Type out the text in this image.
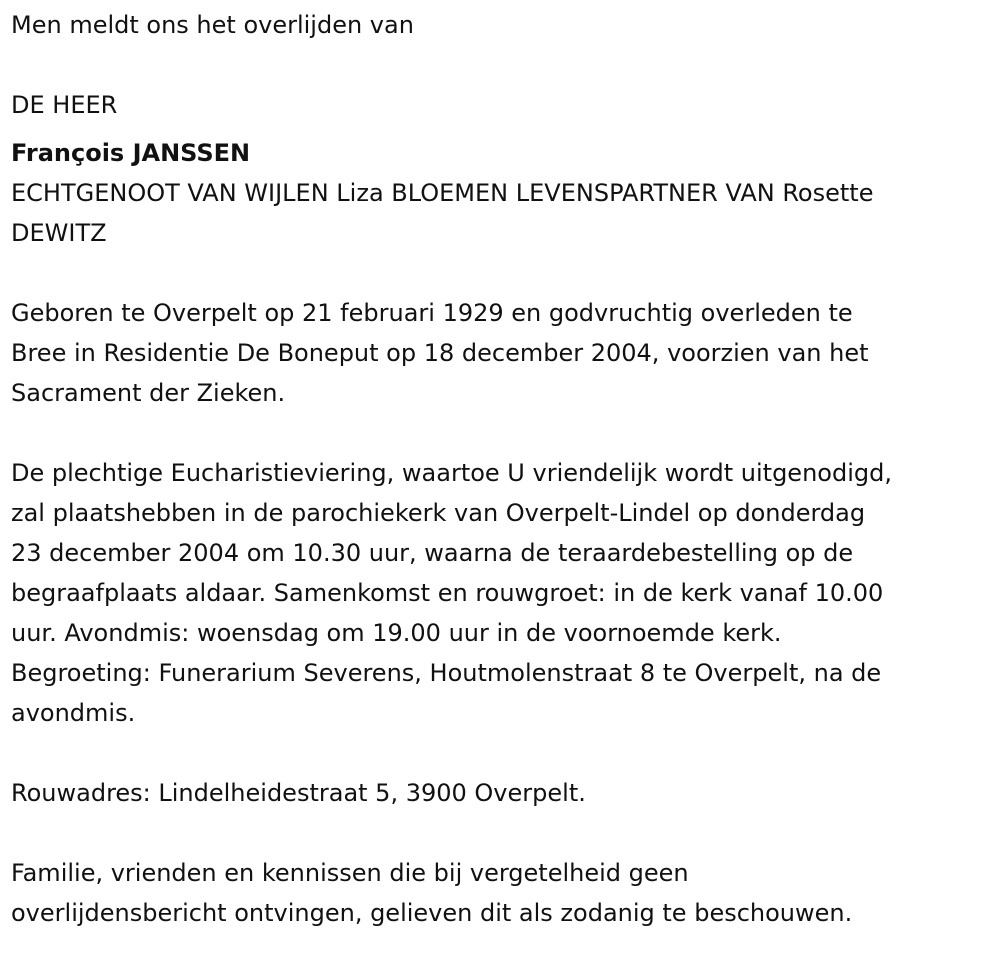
Men meldt ons het overlijden van

DE HEER

François JANSSEN

ECHTGENOOT VAN WIJLEN Liza BLOEMEN LEVENSPARTNER VAN Rosette

DEWITZ

Geboren te Overpelt op 21 februari 1929 en godvruchtig overleden te

Bree in Residentie De Boneput op 18 december 2004, voorzien van het

Sacrament der Zieken.

De plechtige Eucharistieviering, waartoe U vriendelijk wordt uitgenodigd,

zal plaatshebben in de parochiekerk van Overpelt-Lindel op donderdag

23 december 2004 om 10.30 uur, waarna de teraardebestelling op de

begraafplaats aldaar. Samenkomst en rouwgroet: in de kerk vanaf 10.00

uur. Avondmis: woensdag om 19.00 uur in de voornoemde kerk.

Begroeting: Funerarium Severens, Houtmolenstraat 8 te Overpelt, na de

avondmis.

Rouwadres: Lindelheidestraat 5, 3900 Overpelt.

Familie, vrienden en kennissen die bij vergetelheid geen

overlijdensbericht ontvingen, gelieven dit als zodanig te beschouwen.
